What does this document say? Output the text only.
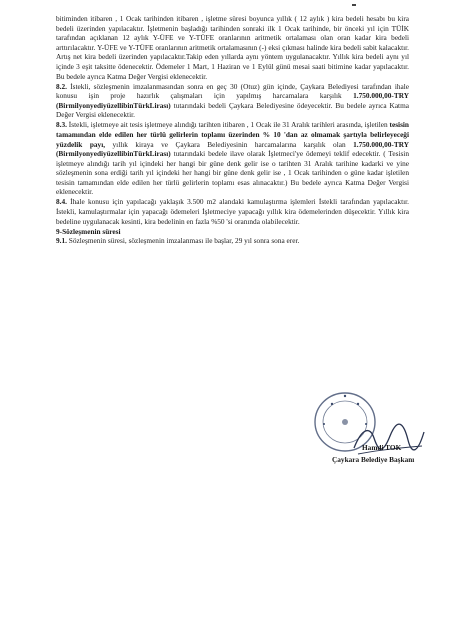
bitiminden itibaren , 1 Ocak tarihinden itibaren , işletme süresi boyunca yıllık ( 12 aylık ) kira bedeli hesabı bu kira bedeli üzerinden yapılacaktır. İşletmenin başladığı tarihinden sonraki ilk 1 Ocak tarihinde, bir önceki yıl için TÜİK tarafından açıklanan 12 aylık Y-ÜFE ve Y-TÜFE oranlarının aritmetik ortalaması olan oran kadar kira bedeli arttırılacaktır. Y-ÜFE ve Y-TÜFE oranlarının aritmetik ortalamasının (-) eksi çıkması halinde kira bedeli sabit kalacaktır. Artış net kira bedeli üzerinden yapılacaktır.Takip eden yıllarda aynı yöntem uygulanacaktır. Yıllık kira bedeli aynı yıl içinde 3 eşit taksitte ödenecektir. Ödemeler 1 Mart, 1 Haziran ve 1 Eylül günü mesai saati bitimine kadar yapılacaktır. Bu bedele ayrıca Katma Değer Vergisi eklenecektir.

8.2. İstekli, sözleşmenin imzalanmasından sonra en geç 30 (Otuz) gün içinde, Çaykara Belediyesi tarafından ihale konusu işin proje hazırlık çalışmaları için yapılmış harcamalara karşılık 1.750.000,00-TRY (BirmilyonyediyüzellibinTürkLirası) tutarındaki bedeli Çaykara Belediyesine ödeyecektir. Bu bedele ayrıca Katma Değer Vergisi eklenecektir.

8.3. İstekli, işletmeye ait tesis işletmeye alındığı tarihten itibaren , 1 Ocak ile 31 Aralık tarihleri arasında, işletilen tesisin tamamından elde edilen her türlü gelirlerin toplamı üzerinden % 10 'dan az olmamak şartıyla belirleyeceği yüzdelik payı, yıllık kiraya ve Çaykara Belediyesinin harcamalarına karşılık olan 1.750.000,00-TRY (BirmilyonyediyüzellibinTürkLirası) tutarındaki bedele ilave olarak İşletmeci'ye ödemeyi teklif edecektir. ( Tesisin işletmeye alındığı tarih yıl içindeki her hangi bir güne denk gelir ise o tarihten 31 Aralık tarihine kadarki ve yine sözleşmenin sona erdiği tarih yıl içindeki her hangi bir güne denk gelir ise , 1 Ocak tarihinden o güne kadar işletilen tesisin tamamından elde edilen her türlü gelirlerin toplamı esas alınacaktır.) Bu bedele ayrıca Katma Değer Vergisi eklenecektir.

8.4. İhale konusu için yapılacağı yaklaşık 3.500 m2 alandaki kamulaştırma işlemleri İstekli tarafından yapılacaktır. İstekli, kamulaştırmalar için yapacağı ödemeleri İşletmeciye yapacağı yıllık kira ödemelerinden düşecektir. Yıllık kira bedeline uygulanacak kesinti, kira bedelinin en fazla %50 'si oranında olabilecektir.

9-Sözleşmenin süresi

9.1. Sözleşmenin süresi, sözleşmenin imzalanması ile başlar, 29 yıl sonra sona erer.

Hamdi TOK
Çaykara Belediye Başkanı
